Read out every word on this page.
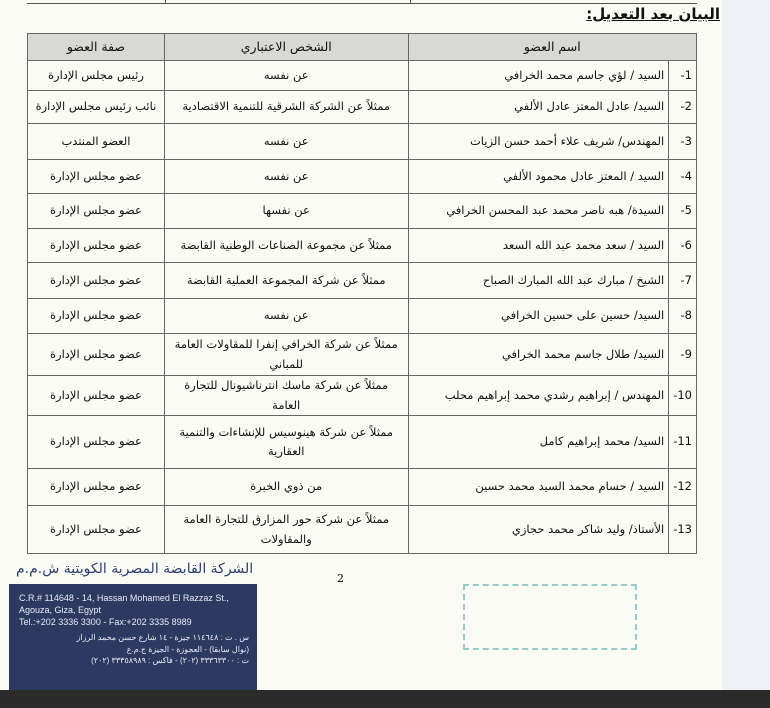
البيان بعد التعديل:
اسم العضو		الشخص الاعتباري	صفة العضو
1-	السيد / لؤي جاسم محمد الخرافي	عن نفسه	رئيس مجلس الإدارة
2-	السيد/ عادل المعتز عادل الألفي	ممثلاً عن الشركة الشرقية للتنمية الاقتصادية	نائب رئيس مجلس الإدارة
3-	المهندس/ شريف علاء أحمد حسن الزيات	عن نفسه	العضو المنتدب
4-	السيد / المعتز عادل محمود الألفي	عن نفسه	عضو مجلس الإدارة
5-	السيدة/ هبه ناصر محمد عبد المحسن الخرافي	عن نفسها	عضو مجلس الإدارة
6-	السيد / سعد محمد عبد الله السعد	ممثلاً عن مجموعة الصناعات الوطنية القابضة	عضو مجلس الإدارة
7-	الشيخ / مبارك عبد الله المبارك الصباح	ممثلاً عن شركة المجموعة العملية القابضة	عضو مجلس الإدارة
8-	السيد/ حسين على حسين الخرافي	عن نفسه	عضو مجلس الإدارة
9-	السيد/ طلال جاسم محمد الخرافي	ممثلاً عن شركة الخرافي إنفرا للمقاولات العامة للمباني	عضو مجلس الإدارة
10-	المهندس / إبراهيم رشدي محمد إبراهيم محلب	ممثلاً عن شركة ماسك انترناشيونال للتجارة العامة	عضو مجلس الإدارة
11-	السيد/ محمد إبراهيم كامل	ممثلاً عن شركة هينوسيس للإنشاءات والتنمية العقارية	عضو مجلس الإدارة
12-	السيد / حسام محمد السيد محمد حسين	من ذوي الخبرة	عضو مجلس الإدارة
13-	الأستاذ/ وليد شاكر محمد حجازي	ممثلاً عن شركة حور المزارق للتجارة العامة والمقاولات	عضو مجلس الإدارة
الشركة القابضة المصرية الكويتية ش.م.م
2
C.R.# 114648 - 14, Hassan Mohamed El Razzaz St.,
Agouza, Giza, Egypt
Tel.:+202 3336 3300 - Fax:+202 3335 8989
س . ت : ١١٤٦٤٨ جيزة - ١٤ شارع حسن محمد الرزاز
(نوال سابقا) - العجوزة - الجيزة ج.م.ع
ت : ٣٣٣٦٣٣٠٠ (٢٠٢) - فاكس : ٣٣٣٥٨٩٨٩ (٢٠٢)
